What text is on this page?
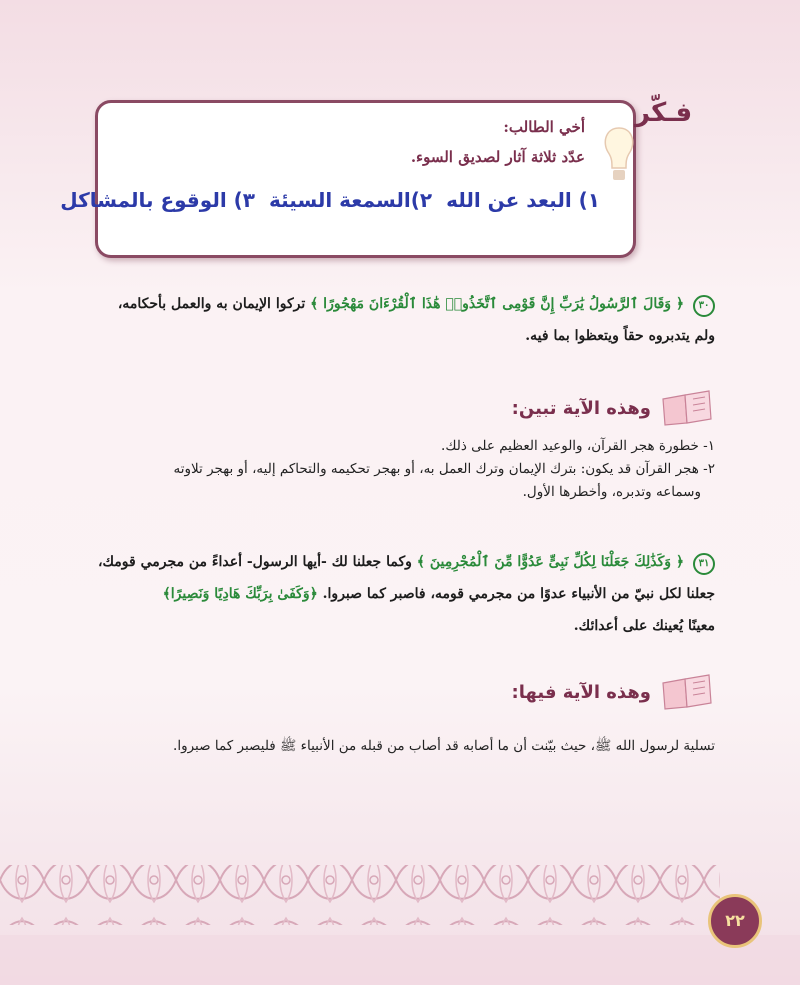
فـكّر
أخي الطالب:
عدّد ثلاثة آثار لصديق السوء.
١) البعد عن الله٢)السمعة السيئة٣) الوقوع بالمشاكل
٣٠ ﴿ وَقَالَ ٱلرَّسُولُ يَٰرَبِّ إِنَّ قَوْمِى ٱتَّخَذُوا۟ هَٰذَا ٱلْقُرْءَانَ مَهْجُورًا ﴾ تركوا الإيمان به والعمل بأحكامه،
ولم يتدبروه حقاً ويتعظوا بما فيه.
وهذه الآية تبين:
١- خطورة هجر القرآن، والوعيد العظيم على ذلك.
٢- هجر القرآن قد يكون: بترك الإيمان وترك العمل به، أو بهجر تحكيمه والتحاكم إليه، أو بهجر تلاوته
وسماعه وتدبره، وأخطرها الأول.
٣١ ﴿ وَكَذَٰلِكَ جَعَلْنَا لِكُلِّ نَبِىٍّ عَدُوًّا مِّنَ ٱلْمُجْرِمِينَ ﴾ وكما جعلنا لك -أيها الرسول- أعداءً من مجرمي قومك،
جعلنا لكل نبيّ من الأنبياء عدوًا من مجرمي قومه، فاصبر كما صبروا. ﴿وَكَفَىٰ بِرَبِّكَ هَادِيًا وَنَصِيرًا﴾
معينًا يُعينك على أعدائك.
وهذه الآية فيها:
تسلية لرسول الله ﷺ، حيث بيّنت أن ما أصابه قد أصاب من قبله من الأنبياء ﷺ فليصبر كما صبروا.
٢٢
